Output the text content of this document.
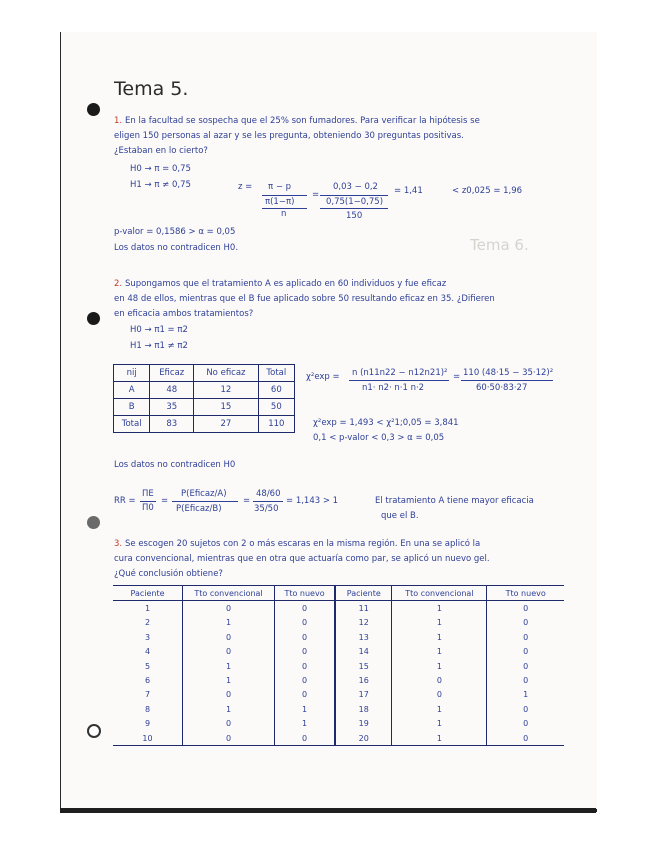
Tema 6.
Tema 5.
1. En la facultad se sospecha que el 25% son fumadores. Para verificar la hipótesis se
eligen 150 personas al azar y se les pregunta, obteniendo 30 preguntas positivas.
¿Estaban en lo cierto?
H0 → π = 0,75
H1 → π ≠ 0,75	z = π − p
π(1−π)
n
=
0,03 − 0,2
0,75(1−0,75)
150
= 1,41	< z0,025 = 1,96
p-valor = 0,1586 > α = 0,05
Los datos no contradicen H0.
2. Supongamos que el tratamiento A es aplicado en 60 individuos y fue eficaz
en 48 de ellos, mientras que el B fue aplicado sobre 50 resultando eficaz en 35. ¿Difieren
en eficacia ambos tratamientos?
H0 → π1 = π2
H1 → π1 ≠ π2
nij	Eficaz	No eficaz	Total
A	48	12	60
B	35	15	50
Total	83	27	110
χ²exp = n (n11n22 − n12n21)²
n1· n2· n·1 n·2
= 110 (48·15 − 35·12)²
60·50·83·27
χ²exp = 1,493 < χ²1;0,05 = 3,841
0,1 < p-valor < 0,3 > α = 0,05
Los datos no contradicen H0
RR =
ΠE
Π0
=
P(Eficaz/A)
P(Eficaz/B)
=
48/60
35/50
= 1,143 > 1	El tratamiento A tiene mayor eficacia
que el B.
3. Se escogen 20 sujetos con 2 o más escaras en la misma región. En una se aplicó la
cura convencional, mientras que en otra que actuaría como par, se aplicó un nuevo gel.
¿Qué conclusión obtiene?
Paciente	Tto convencional	Tto nuevo	Paciente	Tto convencional	Tto nuevo
1	0	0	11	1	0
2	1	0	12	1	0
3	0	0	13	1	0
4	0	0	14	1	0
5	1	0	15	1	0
6	1	0	16	0	0
7	0	0	17	0	1
8	1	1	18	1	0
9	0	1	19	1	0
10	0	0	20	1	0
